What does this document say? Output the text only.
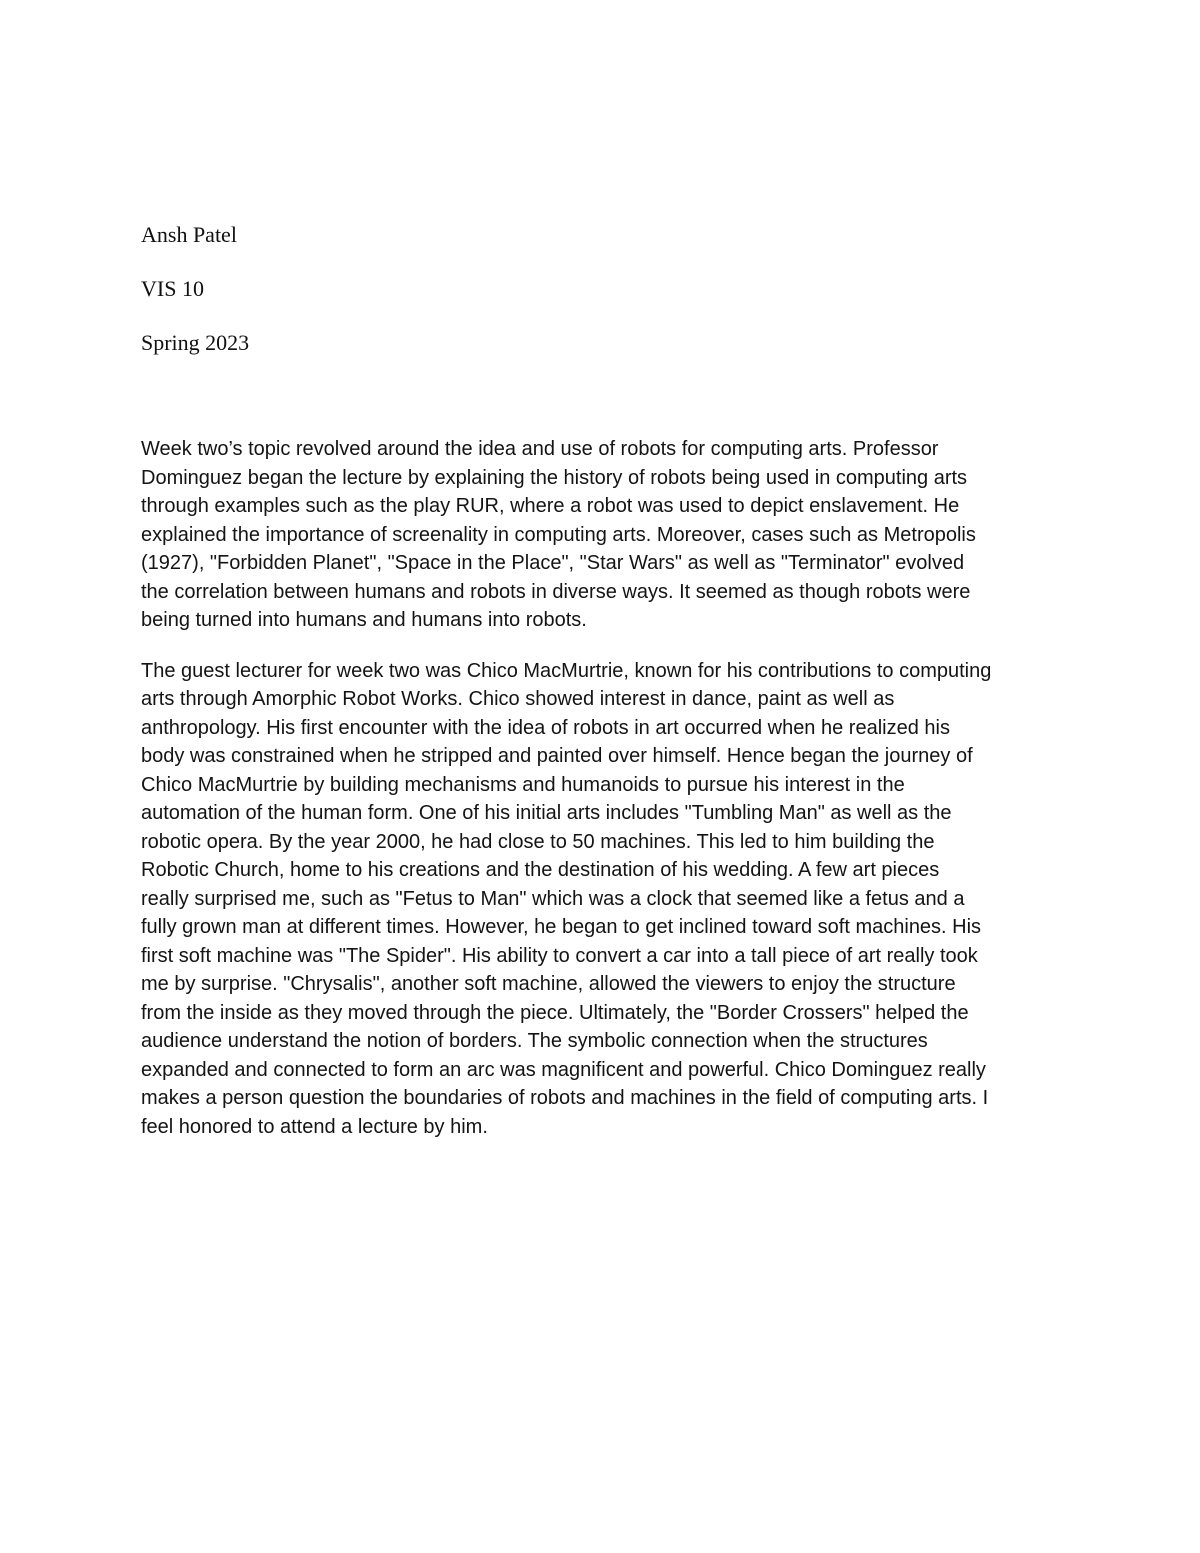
Ansh Patel
VIS 10
Spring 2023
Week two’s topic revolved around the idea and use of robots for computing arts. Professor
Dominguez began the lecture by explaining the history of robots being used in computing arts
through examples such as the play RUR, where a robot was used to depict enslavement. He
explained the importance of screenality in computing arts. Moreover, cases such as Metropolis
(1927), "Forbidden Planet", "Space in the Place", "Star Wars" as well as "Terminator" evolved
the correlation between humans and robots in diverse ways. It seemed as though robots were
being turned into humans and humans into robots.
The guest lecturer for week two was Chico MacMurtrie, known for his contributions to computing
arts through Amorphic Robot Works. Chico showed interest in dance, paint as well as
anthropology. His first encounter with the idea of robots in art occurred when he realized his
body was constrained when he stripped and painted over himself. Hence began the journey of
Chico MacMurtrie by building mechanisms and humanoids to pursue his interest in the
automation of the human form. One of his initial arts includes "Tumbling Man" as well as the
robotic opera. By the year 2000, he had close to 50 machines. This led to him building the
Robotic Church, home to his creations and the destination of his wedding. A few art pieces
really surprised me, such as "Fetus to Man" which was a clock that seemed like a fetus and a
fully grown man at different times. However, he began to get inclined toward soft machines. His
first soft machine was "The Spider". His ability to convert a car into a tall piece of art really took
me by surprise. "Chrysalis", another soft machine, allowed the viewers to enjoy the structure
from the inside as they moved through the piece. Ultimately, the "Border Crossers" helped the
audience understand the notion of borders. The symbolic connection when the structures
expanded and connected to form an arc was magnificent and powerful. Chico Dominguez really
makes a person question the boundaries of robots and machines in the field of computing arts. I
feel honored to attend a lecture by him.
